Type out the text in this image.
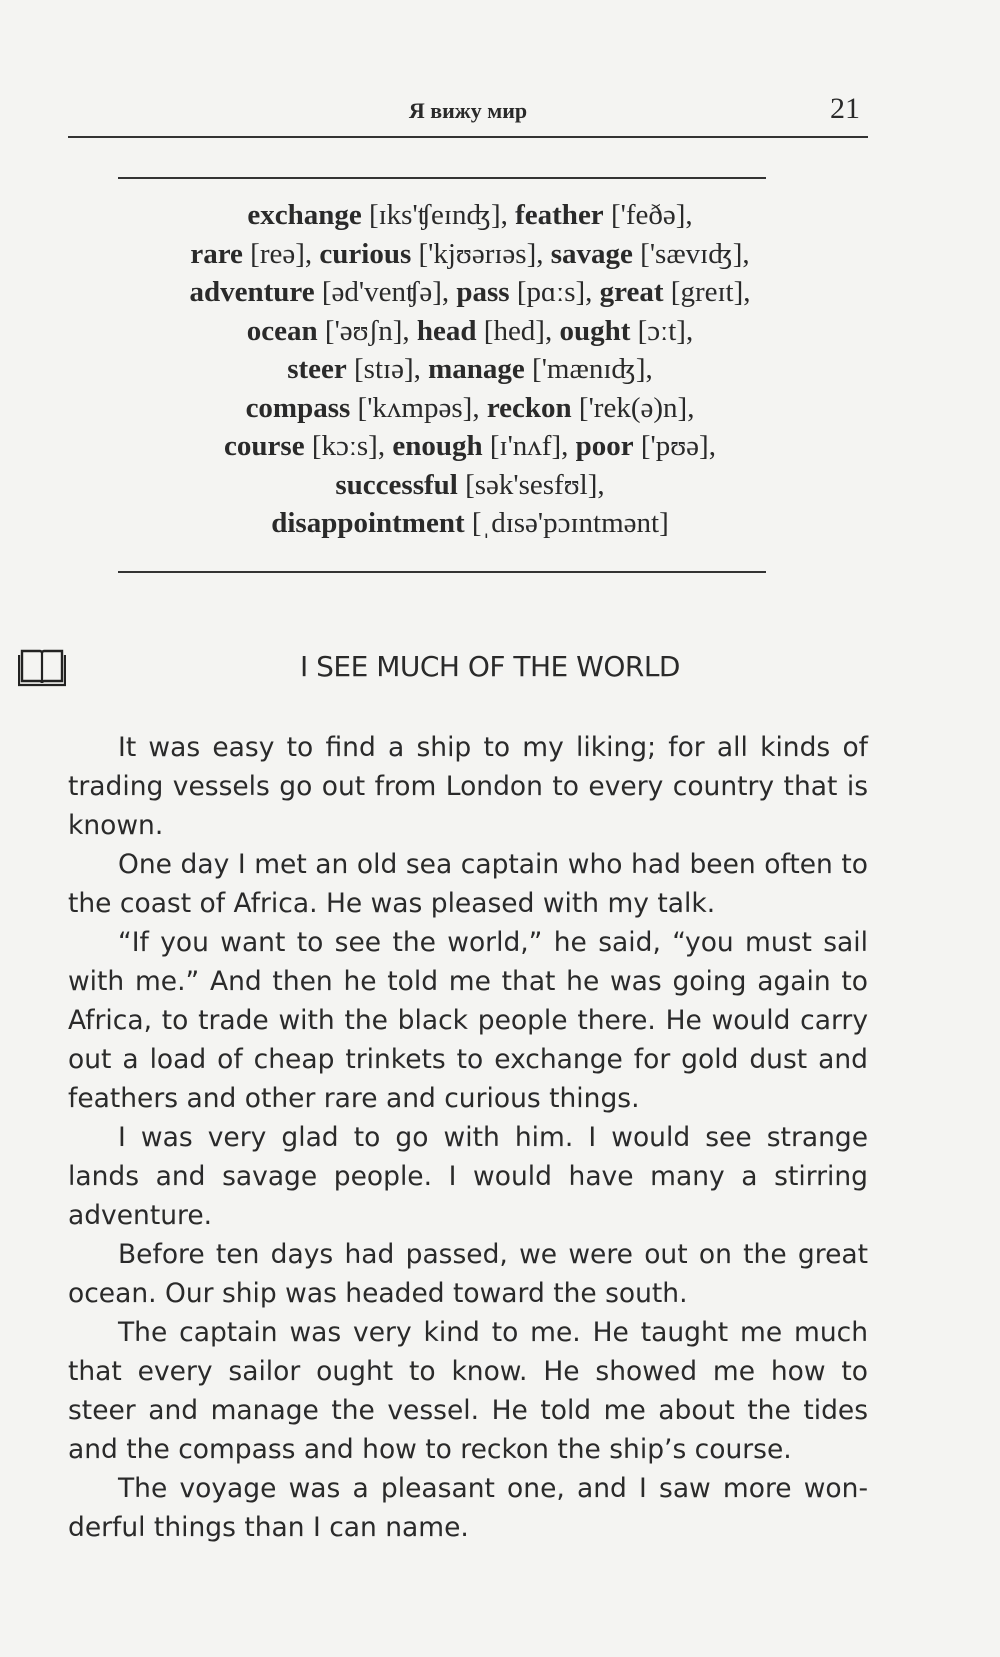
Я вижу мир	21
exchange [ɪks'ʧeɪnʤ], feather ['feðə],
rare [reə], curious ['kjʊərɪəs], savage ['sævɪʤ],
adventure [əd'venʧə], pass [pɑːs], great [greɪt],
ocean ['əʊʃn], head [hed], ought [ɔːt],
steer [stɪə], manage ['mænɪʤ],
compass ['kʌmpəs], reckon ['rek(ə)n],
course [kɔːs], enough [ɪ'nʌf], poor ['pʊə],
successful [sək'sesfʊl],
disappointment [ˌdɪsə'pɔɪntmənt]
I SEE MUCH OF THE WORLD

It was easy to find a ship to my liking; for all kinds of trading vessels go out from London to every country that is known.

One day I met an old sea captain who had been often to the coast of Africa. He was pleased with my talk.

“If you want to see the world,” he said, “you must sail with me.” And then he told me that he was going again to Africa, to trade with the black people there. He would carry out a load of cheap trinkets to exchange for gold dust and feathers and other rare and curious things.

I was very glad to go with him. I would see strange lands and savage people. I would have many a stirring adventure.

Before ten days had passed, we were out on the great ocean. Our ship was headed toward the south.

The captain was very kind to me. He taught me much that every sailor ought to know. He showed me how to steer and manage the vessel. He told me about the tides and the compass and how to reckon the ship’s course.

The voyage was a pleasant one, and I saw more wonderful things than I can name.
